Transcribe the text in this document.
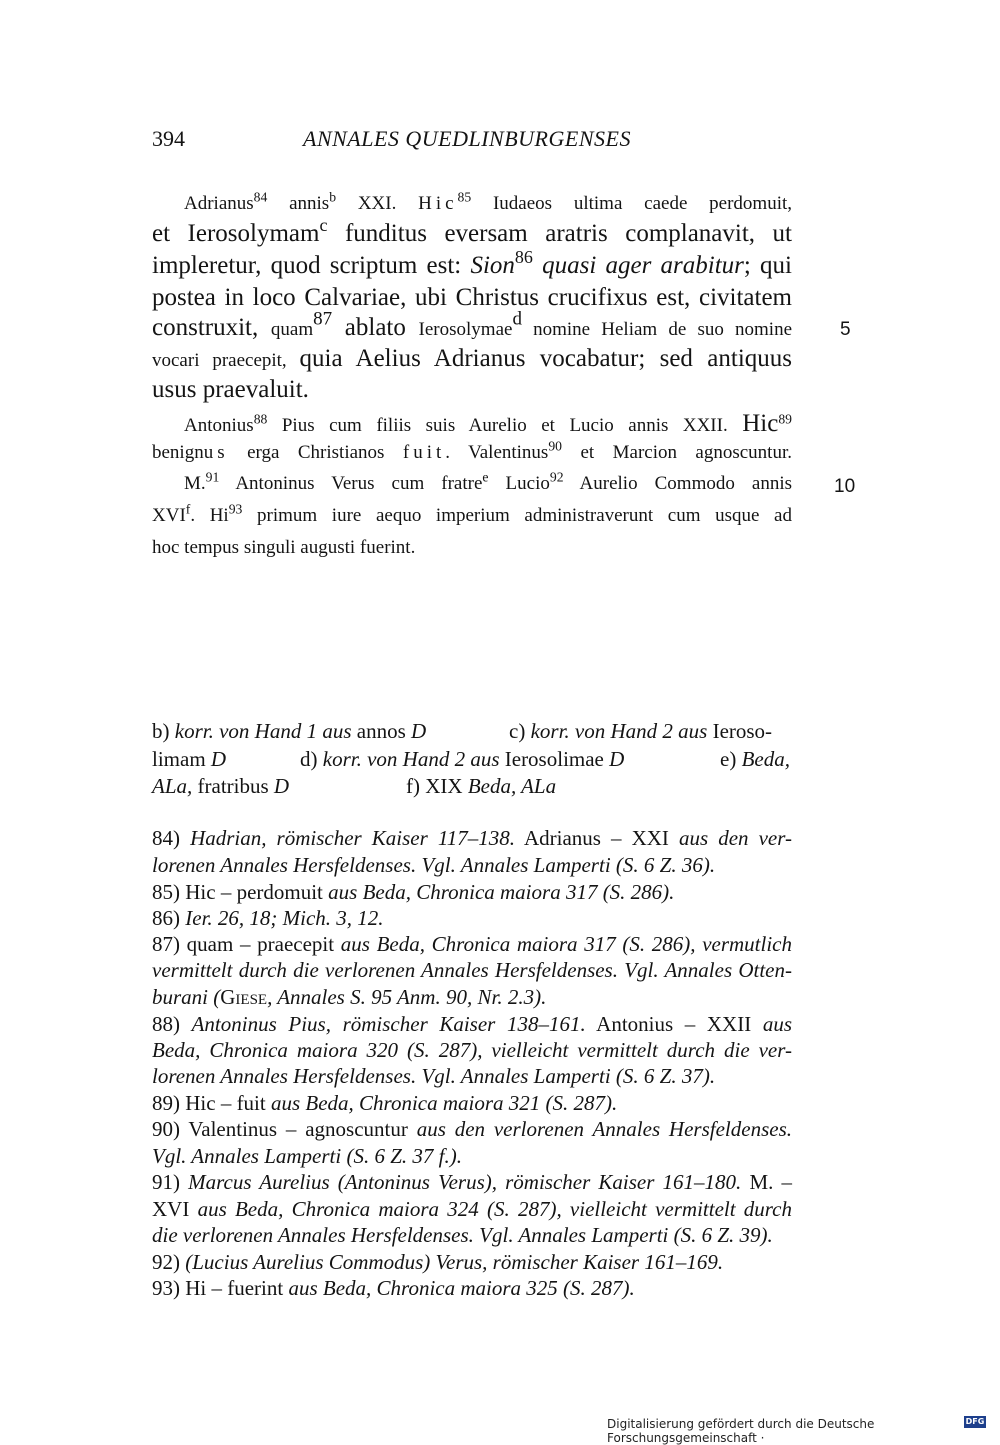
394	ANNALES QUEDLINBURGENSES
Adrianus$^{84}$ annis$^b$ XXI. Hic$^{85}$ Iudaeos ultima caede perdomuit,
et Ierosolymam$^c$ funditus eversam aratris complanavit, ut
impleretur, quod scriptum est: Sion$^{86}$ quasi ager arabitur; qui
postea in loco Calvariae, ubi Christus crucifixus est, civitatem
construxit, quam$^{87}$ ablato Ierosolymae$^d$ nomine Heliam de suo nomine	5
vocari praecepit, quia Aelius Adrianus vocabatur; sed antiquus
usus praevaluit.
Antonius$^{88}$ Pius cum filiis suis Aurelio et Lucio annis XXII. Hic$^{89}$
benignus erga Christianos fuit. Valentinus$^{90}$ et Marcion agnoscuntur.
M.$^{91}$ Antoninus Verus cum fratre$^e$ Lucio$^{92}$ Aurelio Commodo annis 10
XVI$^f$. Hi$^{93}$ primum iure aequo imperium administraverunt cum usque ad
hoc tempus singuli augusti fuerint.
b) korr. von Hand 1 aus annos D	c) korr. von Hand 2 aus Ieroso-
limam D	d) korr. von Hand 2 aus Ierosolimae D	e) Beda,
ALa, fratribus D	f) XIX Beda, ALa
84) Hadrian, römischer Kaiser 117–138. Adrianus – XXI aus den ver-
lorenen Annales Hersfeldenses. Vgl. Annales Lamperti (S. 6 Z. 36).
85) Hic – perdomuit aus Beda, Chronica maiora 317 (S. 286).
86) Ier. 26, 18; Mich. 3, 12.
87) quam – praecepit aus Beda, Chronica maiora 317 (S. 286), vermutlich
vermittelt durch die verlorenen Annales Hersfeldenses. Vgl. Annales Otten-
burani (Giese, Annales S. 95 Anm. 90, Nr. 2.3).
88) Antoninus Pius, römischer Kaiser 138–161. Antonius – XXII aus
Beda, Chronica maiora 320 (S. 287), vielleicht vermittelt durch die ver-
lorenen Annales Hersfeldenses. Vgl. Annales Lamperti (S. 6 Z. 37).
89) Hic – fuit aus Beda, Chronica maiora 321 (S. 287).
90) Valentinus – agnoscuntur aus den verlorenen Annales Hersfeldenses.
Vgl. Annales Lamperti (S. 6 Z. 37 f.).
91) Marcus Aurelius (Antoninus Verus), römischer Kaiser 161–180. M. –
XVI aus Beda, Chronica maiora 324 (S. 287), vielleicht vermittelt durch
die verlorenen Annales Hersfeldenses. Vgl. Annales Lamperti (S. 6 Z. 39).
92) (Lucius Aurelius Commodus) Verus, römischer Kaiser 161–169.
93) Hi – fuerint aus Beda, Chronica maiora 325 (S. 287).
Digitalisierung gefördert durch die Deutsche Forschungsgemeinschaft ·
DFG
